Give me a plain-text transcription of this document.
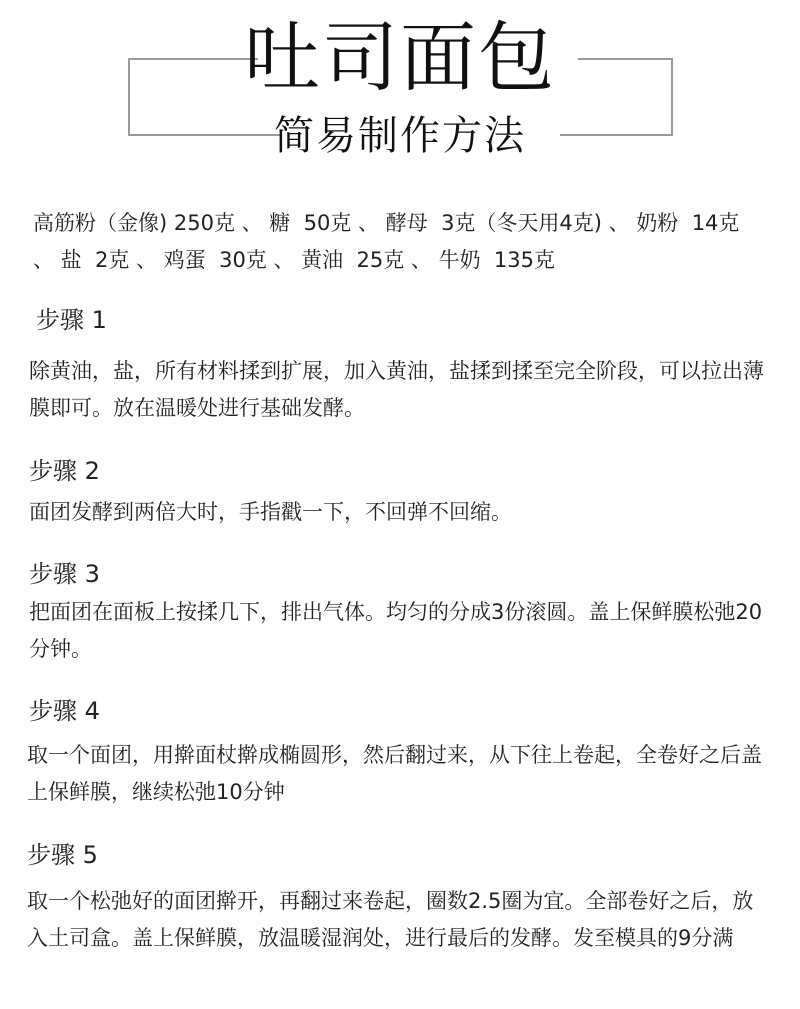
吐司面包
简易制作方法
高筋粉（金像) 250克 、 糖  50克 、 酵母  3克（冬天用4克) 、 奶粉  14克 、 盐  2克 、 鸡蛋  30克 、 黄油  25克 、 牛奶  135克
步骤 1
除黄油，盐，所有材料揉到扩展，加入黄油，盐揉到揉至完全阶段，可以拉出薄膜即可。放在温暖处进行基础发酵。
步骤 2
面团发酵到两倍大时，手指戳一下，不回弹不回缩。
步骤 3
把面团在面板上按揉几下，排出气体。均匀的分成3份滚圆。盖上保鲜膜松弛20分钟。
步骤 4
取一个面团，用擀面杖擀成椭圆形，然后翻过来，从下往上卷起，全卷好之后盖上保鲜膜，继续松弛10分钟
步骤 5
取一个松弛好的面团擀开，再翻过来卷起，圈数2.5圈为宜。全部卷好之后，放入土司盒。盖上保鲜膜，放温暖湿润处，进行最后的发酵。发至模具的9分满
